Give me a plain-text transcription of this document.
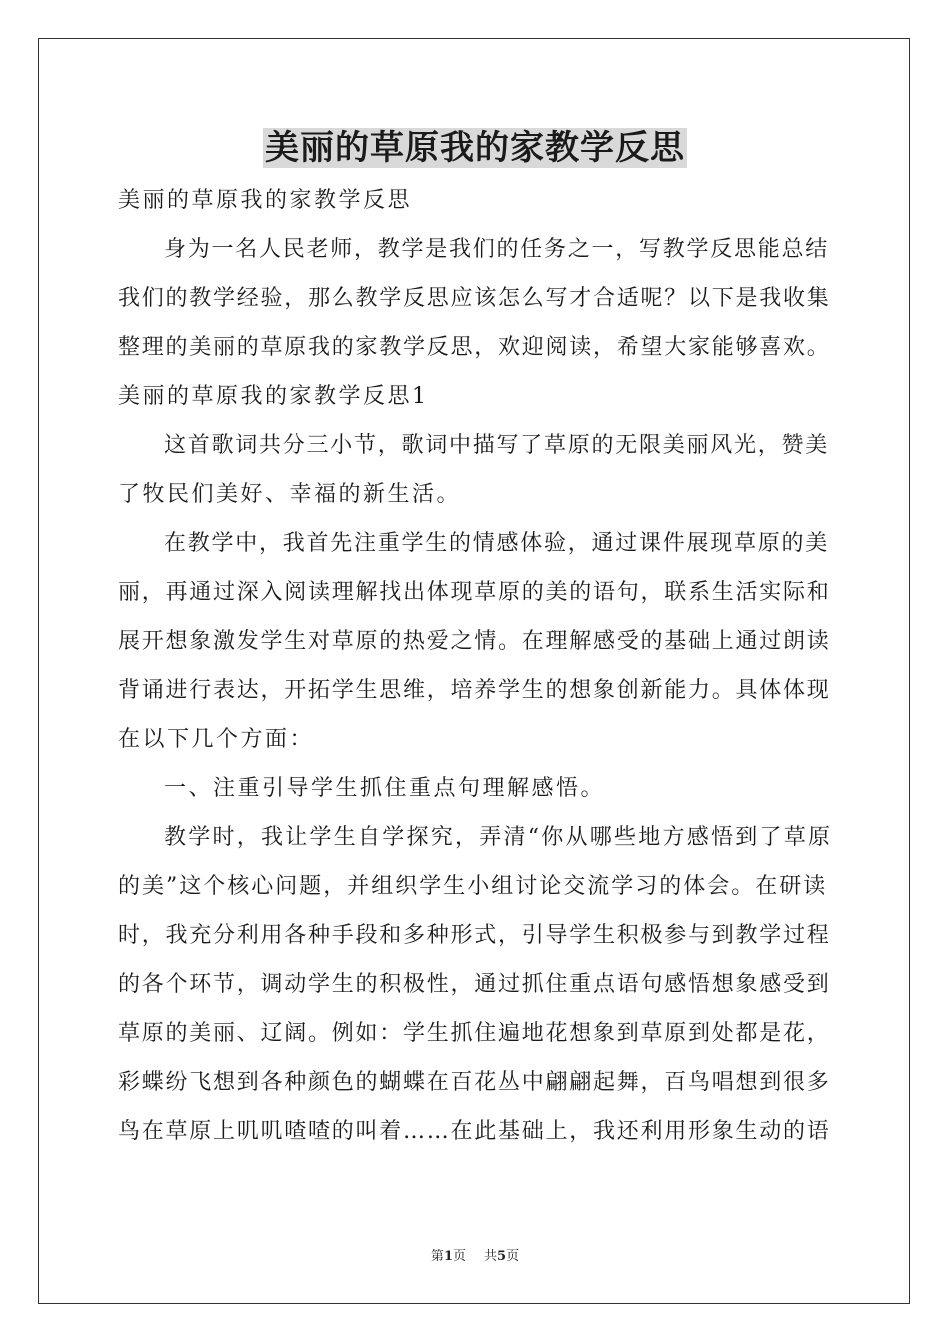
美丽的草原我的家教学反思
美丽的草原我的家教学反思
身为一名人民老师，教学是我们的任务之一，写教学反思能总结
我们的教学经验，那么教学反思应该怎么写才合适呢？以下是我收集
整理的美丽的草原我的家教学反思，欢迎阅读，希望大家能够喜欢。
美丽的草原我的家教学反思1
这首歌词共分三小节，歌词中描写了草原的无限美丽风光，赞美
了牧民们美好、幸福的新生活。
在教学中，我首先注重学生的情感体验，通过课件展现草原的美
丽，再通过深入阅读理解找出体现草原的美的语句，联系生活实际和
展开想象激发学生对草原的热爱之情。在理解感受的基础上通过朗读
背诵进行表达，开拓学生思维，培养学生的想象创新能力。具体体现
在以下几个方面：
一、注重引导学生抓住重点句理解感悟。
教学时，我让学生自学探究，弄清“你从哪些地方感悟到了草原
的美”这个核心问题，并组织学生小组讨论交流学习的体会。在研读
时，我充分利用各种手段和多种形式，引导学生积极参与到教学过程
的各个环节，调动学生的积极性，通过抓住重点语句感悟想象感受到
草原的美丽、辽阔。例如：学生抓住遍地花想象到草原到处都是花，
彩蝶纷飞想到各种颜色的蝴蝶在百花丛中翩翩起舞，百鸟唱想到很多
鸟在草原上叽叽喳喳的叫着……在此基础上，我还利用形象生动的语
第1页 共5页
